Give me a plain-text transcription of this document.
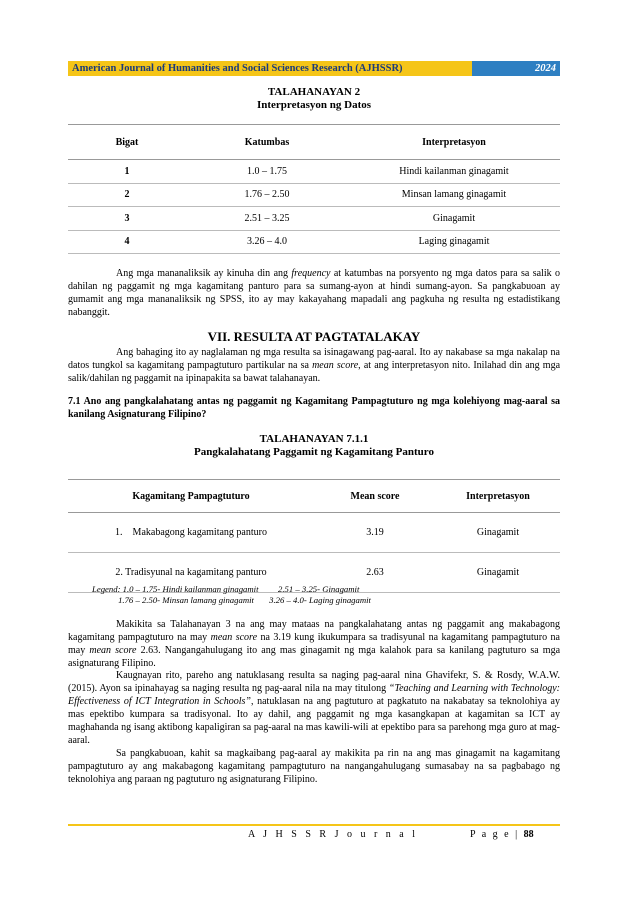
American Journal of Humanities and Social Sciences Research (AJHSSR)	2024
TALAHANAYAN 2
Interpretasyon ng Datos
Bigat	Katumbas	Interpretasyon
1	1.0 – 1.75	Hindi kailanman ginagamit
2	1.76 – 2.50	Minsan lamang ginagamit
3	2.51 – 3.25	Ginagamit
4	3.26 – 4.0	Laging ginagamit
Ang mga mananaliksik ay kinuha din ang frequency at katumbas na porsyento ng mga datos para sa salik o dahilan ng paggamit ng mga kagamitang panturo para sa sumang-ayon at hindi sumang-ayon. Sa pangkabuoan ay gumamit ang mga mananaliksik ng SPSS, ito ay may kakayahang mapadali ang pagkuha ng resulta ng estadistikang nabanggit.
VII. RESULTA AT PAGTATALAKAY
Ang bahaging ito ay naglalaman ng mga resulta sa isinagawang pag-aaral. Ito ay nakabase sa mga nakalap na datos tungkol sa kagamitang pampagtuturo partikular na sa mean score, at ang interpretasyon nito. Inilahad din ang mga salik/dahilan ng paggamit na ipinapakita sa bawat talahanayan.
7.1 Ano ang pangkalahatang antas ng paggamit ng Kagamitang Pampagtuturo ng mga kolehiyong mag-aaral sa kanilang Asignaturang Filipino?
TALAHANAYAN 7.1.1
Pangkalahatang Paggamit ng Kagamitang Panturo
Kagamitang Pampagtuturo	Mean score	Interpretasyon
1.    Makabagong kagamitang panturo	3.19	Ginagamit
2. Tradisyunal na kagamitang panturo	2.63	Ginagamit
Legend: 1.0 – 1.75- Hindi kailanman ginagamit         2.51 – 3.25- Ginagamit
1.76 – 2.50- Minsan lamang ginagamit       3.26 – 4.0- Laging ginagamit
Makikita sa Talahanayan 3 na ang may mataas na pangkalahatang antas ng paggamit ang makabagong kagamitang pampagtuturo na may mean score na 3.19 kung ikukumpara sa tradisyunal na kagamitang pampagtuturo na may mean score 2.63. Nangangahulugang ito ang mas ginagamit ng mga kalahok para sa kanilang pagtuturo sa mga asignaturang Filipino.
Kaugnayan rito, pareho ang natuklasang resulta sa naging pag-aaral nina Ghavifekr, S. & Rosdy, W.A.W. (2015). Ayon sa ipinahayag sa naging resulta ng pag-aaral nila na may titulong “Teaching and Learning with Technology: Effectiveness of ICT Integration in Schools”, natuklasan na ang pagtuturo at pagkatuto na nakabatay sa teknolohiya ay mas epektibo kumpara sa tradisyonal. Ito ay dahil, ang paggamit ng mga kasangkapan at kagamitan sa ICT ay maghahanda ng isang aktibong kapaligiran sa pag-aaral na mas kawili-wili at epektibo para sa parehong mga guro at mag-aaral.
Sa pangkabuoan, kahit sa magkaibang pag-aaral ay makikita pa rin na ang mas ginagamit na kagamitang pampagtuturo ay ang makabagong kagamitang pampagtuturo na nangangahulugang sumasabay na sa pagbabago ng teknolohiya ang paraan ng pagtuturo ng asignaturang Filipino.
A J H S S R J o u r n a l	P a g e | 88
